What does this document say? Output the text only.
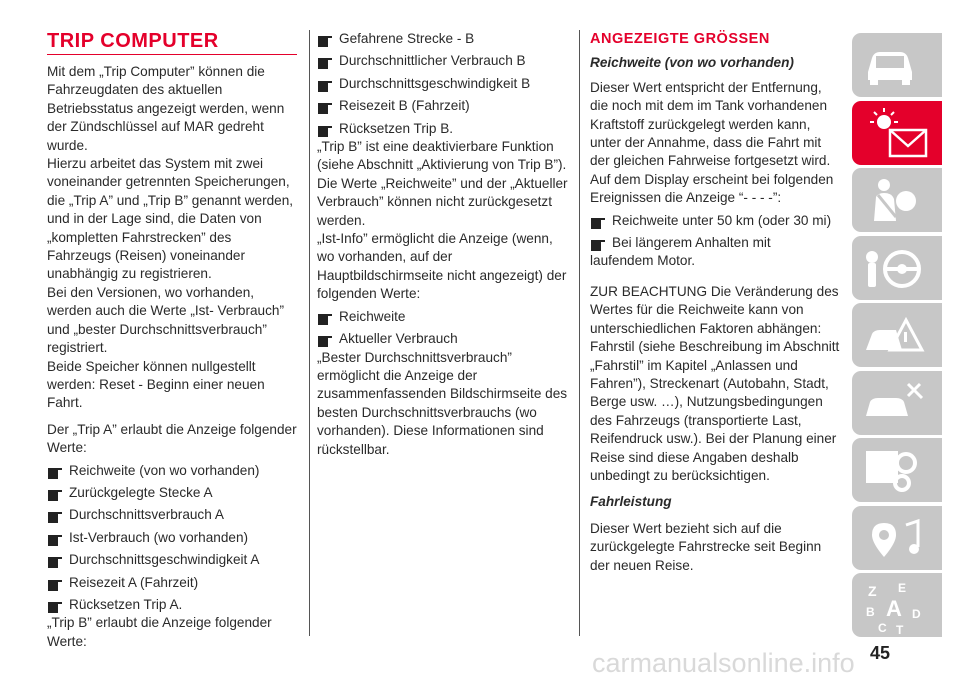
TRIP COMPUTER

Mit dem „Trip Computer” können die Fahrzeugdaten des aktuellen Betriebsstatus angezeigt werden, wenn der Zündschlüssel auf MAR gedreht wurde.

Hierzu arbeitet das System mit zwei voneinander getrennten Speicherungen, die „Trip A” und „Trip B” genannt werden, und in der Lage sind, die Daten von „kompletten Fahrstrecken” des Fahrzeugs (Reisen) voneinander unabhängig zu registrieren.

Bei den Versionen, wo vorhanden, werden auch die Werte „Ist- Verbrauch” und „bester Durchschnittsverbrauch” registriert.

Beide Speicher können nullgestellt werden: Reset - Beginn einer neuen Fahrt.

Der „Trip A” erlaubt die Anzeige folgender Werte:

Reichweite (von wo vorhanden)
Zurückgelegte Stecke A
Durchschnittsverbrauch A
Ist-Verbrauch (wo vorhanden)
Durchschnittsgeschwindigkeit A
Reisezeit A (Fahrzeit)
Rücksetzen Trip A.

„Trip B” erlaubt die Anzeige folgender Werte:

Gefahrene Strecke - B
Durchschnittlicher Verbrauch B
Durchschnittsgeschwindigkeit B
Reisezeit B (Fahrzeit)
Rücksetzen Trip B.

„Trip B” ist eine deaktivierbare Funktion (siehe Abschnitt „Aktivierung von Trip B”). Die Werte „Reichweite” und der „Aktueller Verbrauch” können nicht zurückgesetzt werden.

„Ist-Info” ermöglicht die Anzeige (wenn, wo vorhanden, auf der Hauptbildschirmseite nicht angezeigt) der folgenden Werte:

Reichweite
Aktueller Verbrauch

„Bester Durchschnittsverbrauch” ermöglicht die Anzeige der zusammenfassenden Bildschirmseite des besten Durchschnittsverbrauchs (wo vorhanden). Diese Informationen sind rückstellbar.

ANGEZEIGTE GRÖSSEN
Reichweite (von wo vorhanden)

Dieser Wert entspricht der Entfernung, die noch mit dem im Tank vorhandenen Kraftstoff zurückgelegt werden kann, unter der Annahme, dass die Fahrt mit der gleichen Fahrweise fortgesetzt wird. Auf dem Display erscheint bei folgenden Ereignissen die Anzeige “- - - -”:

Reichweite unter 50 km (oder 30 mi)
Bei längerem Anhalten mit

laufendem Motor.

ZUR BEACHTUNG Die Veränderung des Wertes für die Reichweite kann von unterschiedlichen Faktoren abhängen: Fahrstil (siehe Beschreibung im Abschnitt „Fahrstil” im Kapitel „Anlassen und Fahren”), Streckenart (Autobahn, Stadt, Berge usw. …), Nutzungsbedingungen des Fahrzeugs (transportierte Last, Reifendruck usw.). Bei der Planung einer Reise sind diese Angaben deshalb unbedingt zu berücksichtigen.

Fahrleistung

Dieser Wert bezieht sich auf die zurückgelegte Fahrstrecke seit Beginn der neuen Reise.

Z E
B A D
C T
45
carmanualsonline.info
